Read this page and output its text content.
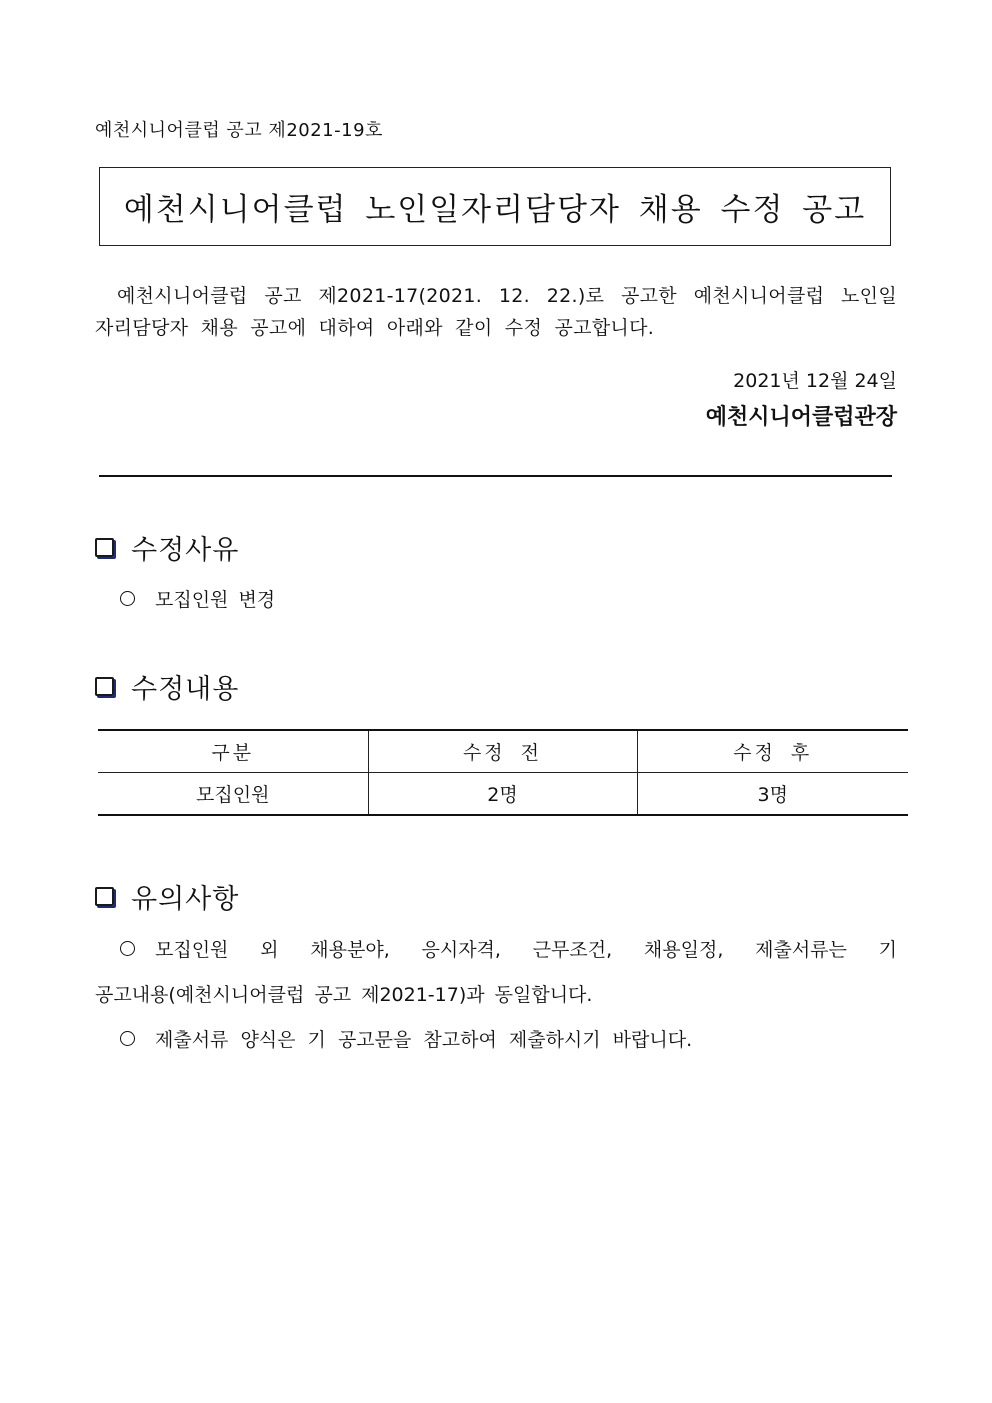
예천시니어클럽 공고 제2021-19호
예천시니어클럽 노인일자리담당자 채용 수정 공고
예천시니어클럽 공고 제2021-17(2021. 12. 22.)로 공고한 예천시니어클럽 노인일
자리담당자 채용 공고에 대하여 아래와 같이 수정 공고합니다.
2021년 12월 24일
예천시니어클럽관장
수정사유
모집인원 변경
수정내용
구분	수정 전	수정 후
모집인원	2명	3명
유의사항
모집인원 외 채용분야, 응시자격, 근무조건, 채용일정, 제출서류는 기
공고내용(예천시니어클럽 공고 제2021-17)과 동일합니다.
제출서류 양식은 기 공고문을 참고하여 제출하시기 바랍니다.
